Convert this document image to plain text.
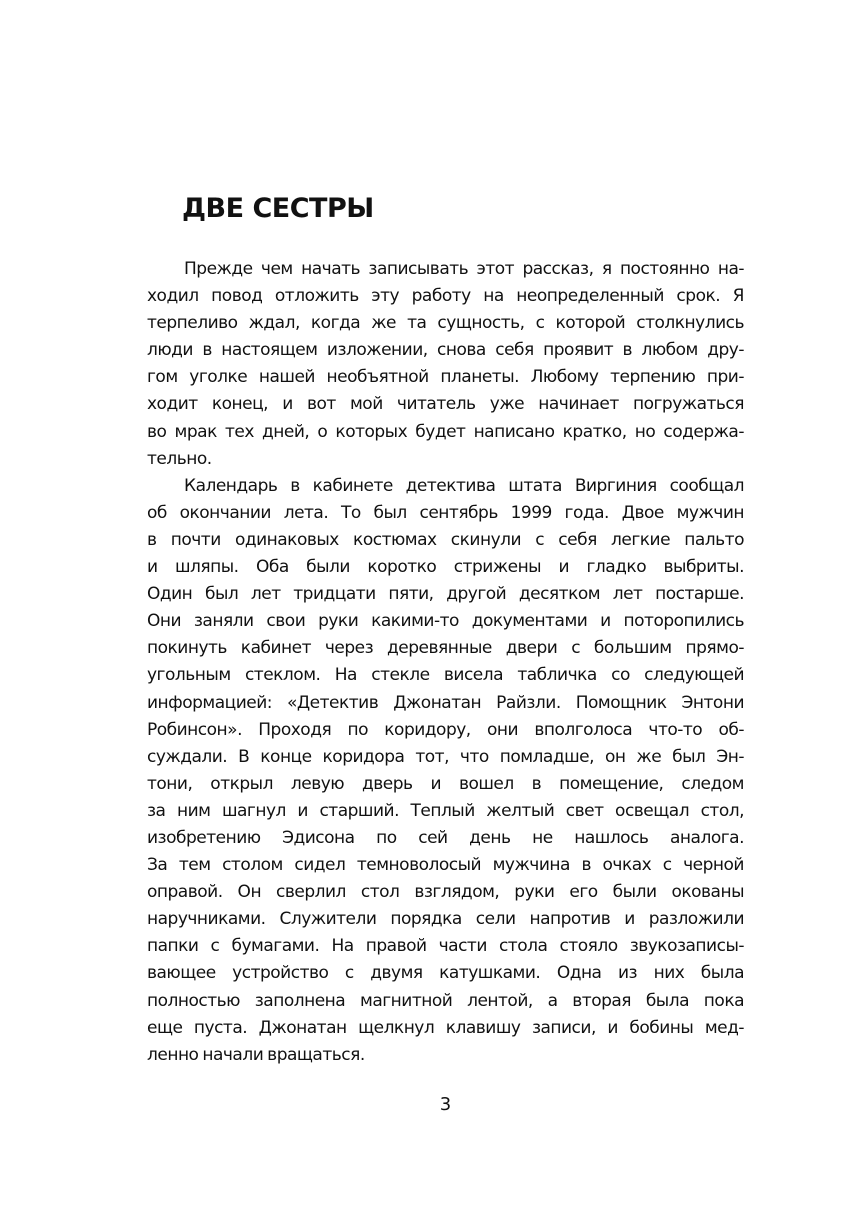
ДВЕ СЕСТРЫ
Прежде чем начать записывать этот рассказ, я постоянно на-
ходил повод отложить эту работу на неопределенный срок. Я
терпеливо ждал, когда же та сущность, с которой столкнулись
люди в настоящем изложении, снова себя проявит в любом дру-
гом уголке нашей необъятной планеты. Любому терпению при-
ходит конец, и вот мой читатель уже начинает погружаться
во мрак тех дней, о которых будет написано кратко, но содержа-
тельно.
Календарь в кабинете детектива штата Виргиния сообщал
об окончании лета. То был сентябрь 1999 года. Двое мужчин
в почти одинаковых костюмах скинули с себя легкие пальто
и шляпы. Оба были коротко стрижены и гладко выбриты.
Один был лет тридцати пяти, другой десятком лет постарше.
Они заняли свои руки какими-то документами и поторопились
покинуть кабинет через деревянные двери с большим прямо-
угольным стеклом. На стекле висела табличка со следующей
информацией: «Детектив Джонатан Райзли. Помощник Энтони
Робинсон». Проходя по коридору, они вполголоса что-то об-
суждали. В конце коридора тот, что помладше, он же был Эн-
тони, открыл левую дверь и вошел в помещение, следом
за ним шагнул и старший. Теплый желтый свет освещал стол,
изобретению Эдисона по сей день не нашлось аналога.
За тем столом сидел темноволосый мужчина в очках с черной
оправой. Он сверлил стол взглядом, руки его были окованы
наручниками. Служители порядка сели напротив и разложили
папки с бумагами. На правой части стола стояло звукозаписы-
вающее устройство с двумя катушками. Одна из них была
полностью заполнена магнитной лентой, а вторая была пока
еще пуста. Джонатан щелкнул клавишу записи, и бобины мед-
ленно начали вращаться.
3
